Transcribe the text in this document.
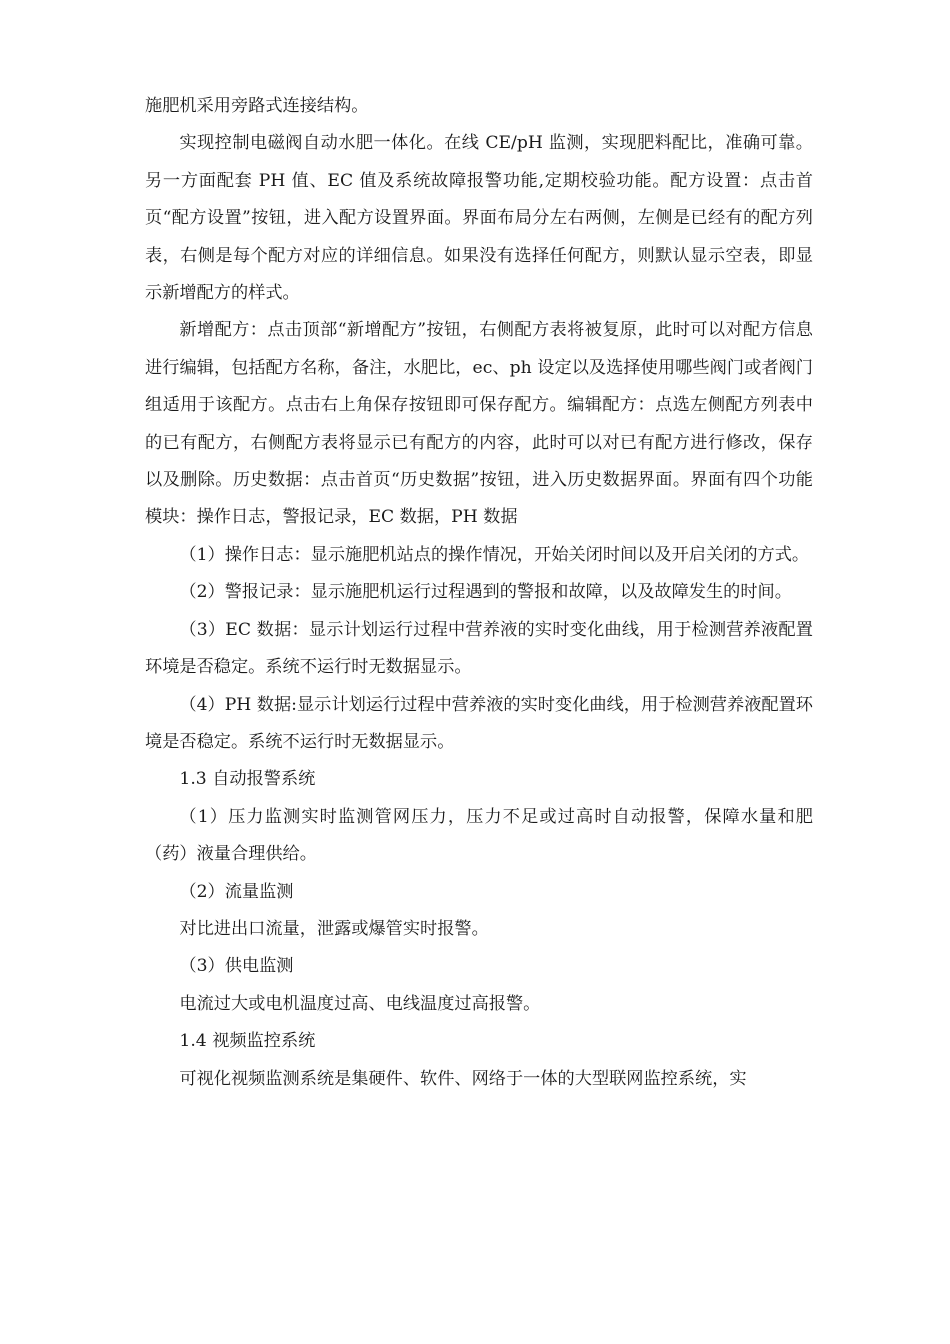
施肥机采用旁路式连接结构。

实现控制电磁阀自动水肥一体化。在线 CE/pH 监测，实现肥料配比，准确可靠。另一方面配套 PH 值、EC 值及系统故障报警功能,定期校验功能。配方设置：点击首页“配方设置”按钮，进入配方设置界面。界面布局分左右两侧，左侧是已经有的配方列表，右侧是每个配方对应的详细信息。如果没有选择任何配方，则默认显示空表，即显示新增配方的样式。

新增配方：点击顶部“新增配方”按钮，右侧配方表将被复原，此时可以对配方信息进行编辑，包括配方名称，备注，水肥比，ec、ph 设定以及选择使用哪些阀门或者阀门组适用于该配方。点击右上角保存按钮即可保存配方。编辑配方：点选左侧配方列表中的已有配方，右侧配方表将显示已有配方的内容，此时可以对已有配方进行修改，保存以及删除。历史数据：点击首页“历史数据”按钮，进入历史数据界面。界面有四个功能模块：操作日志，警报记录，EC 数据，PH 数据

（1）操作日志：显示施肥机站点的操作情况，开始关闭时间以及开启关闭的方式。

（2）警报记录：显示施肥机运行过程遇到的警报和故障，以及故障发生的时间。

（3）EC 数据：显示计划运行过程中营养液的实时变化曲线，用于检测营养液配置环境是否稳定。系统不运行时无数据显示。

（4）PH 数据:显示计划运行过程中营养液的实时变化曲线，用于检测营养液配置环境是否稳定。系统不运行时无数据显示。

1.3 自动报警系统

（1）压力监测实时监测管网压力，压力不足或过高时自动报警，保障水量和肥（药）液量合理供给。

（2）流量监测

对比进出口流量，泄露或爆管实时报警。

（3）供电监测

电流过大或电机温度过高、电线温度过高报警。

1.4 视频监控系统

可视化视频监测系统是集硬件、软件、网络于一体的大型联网监控系统，实
